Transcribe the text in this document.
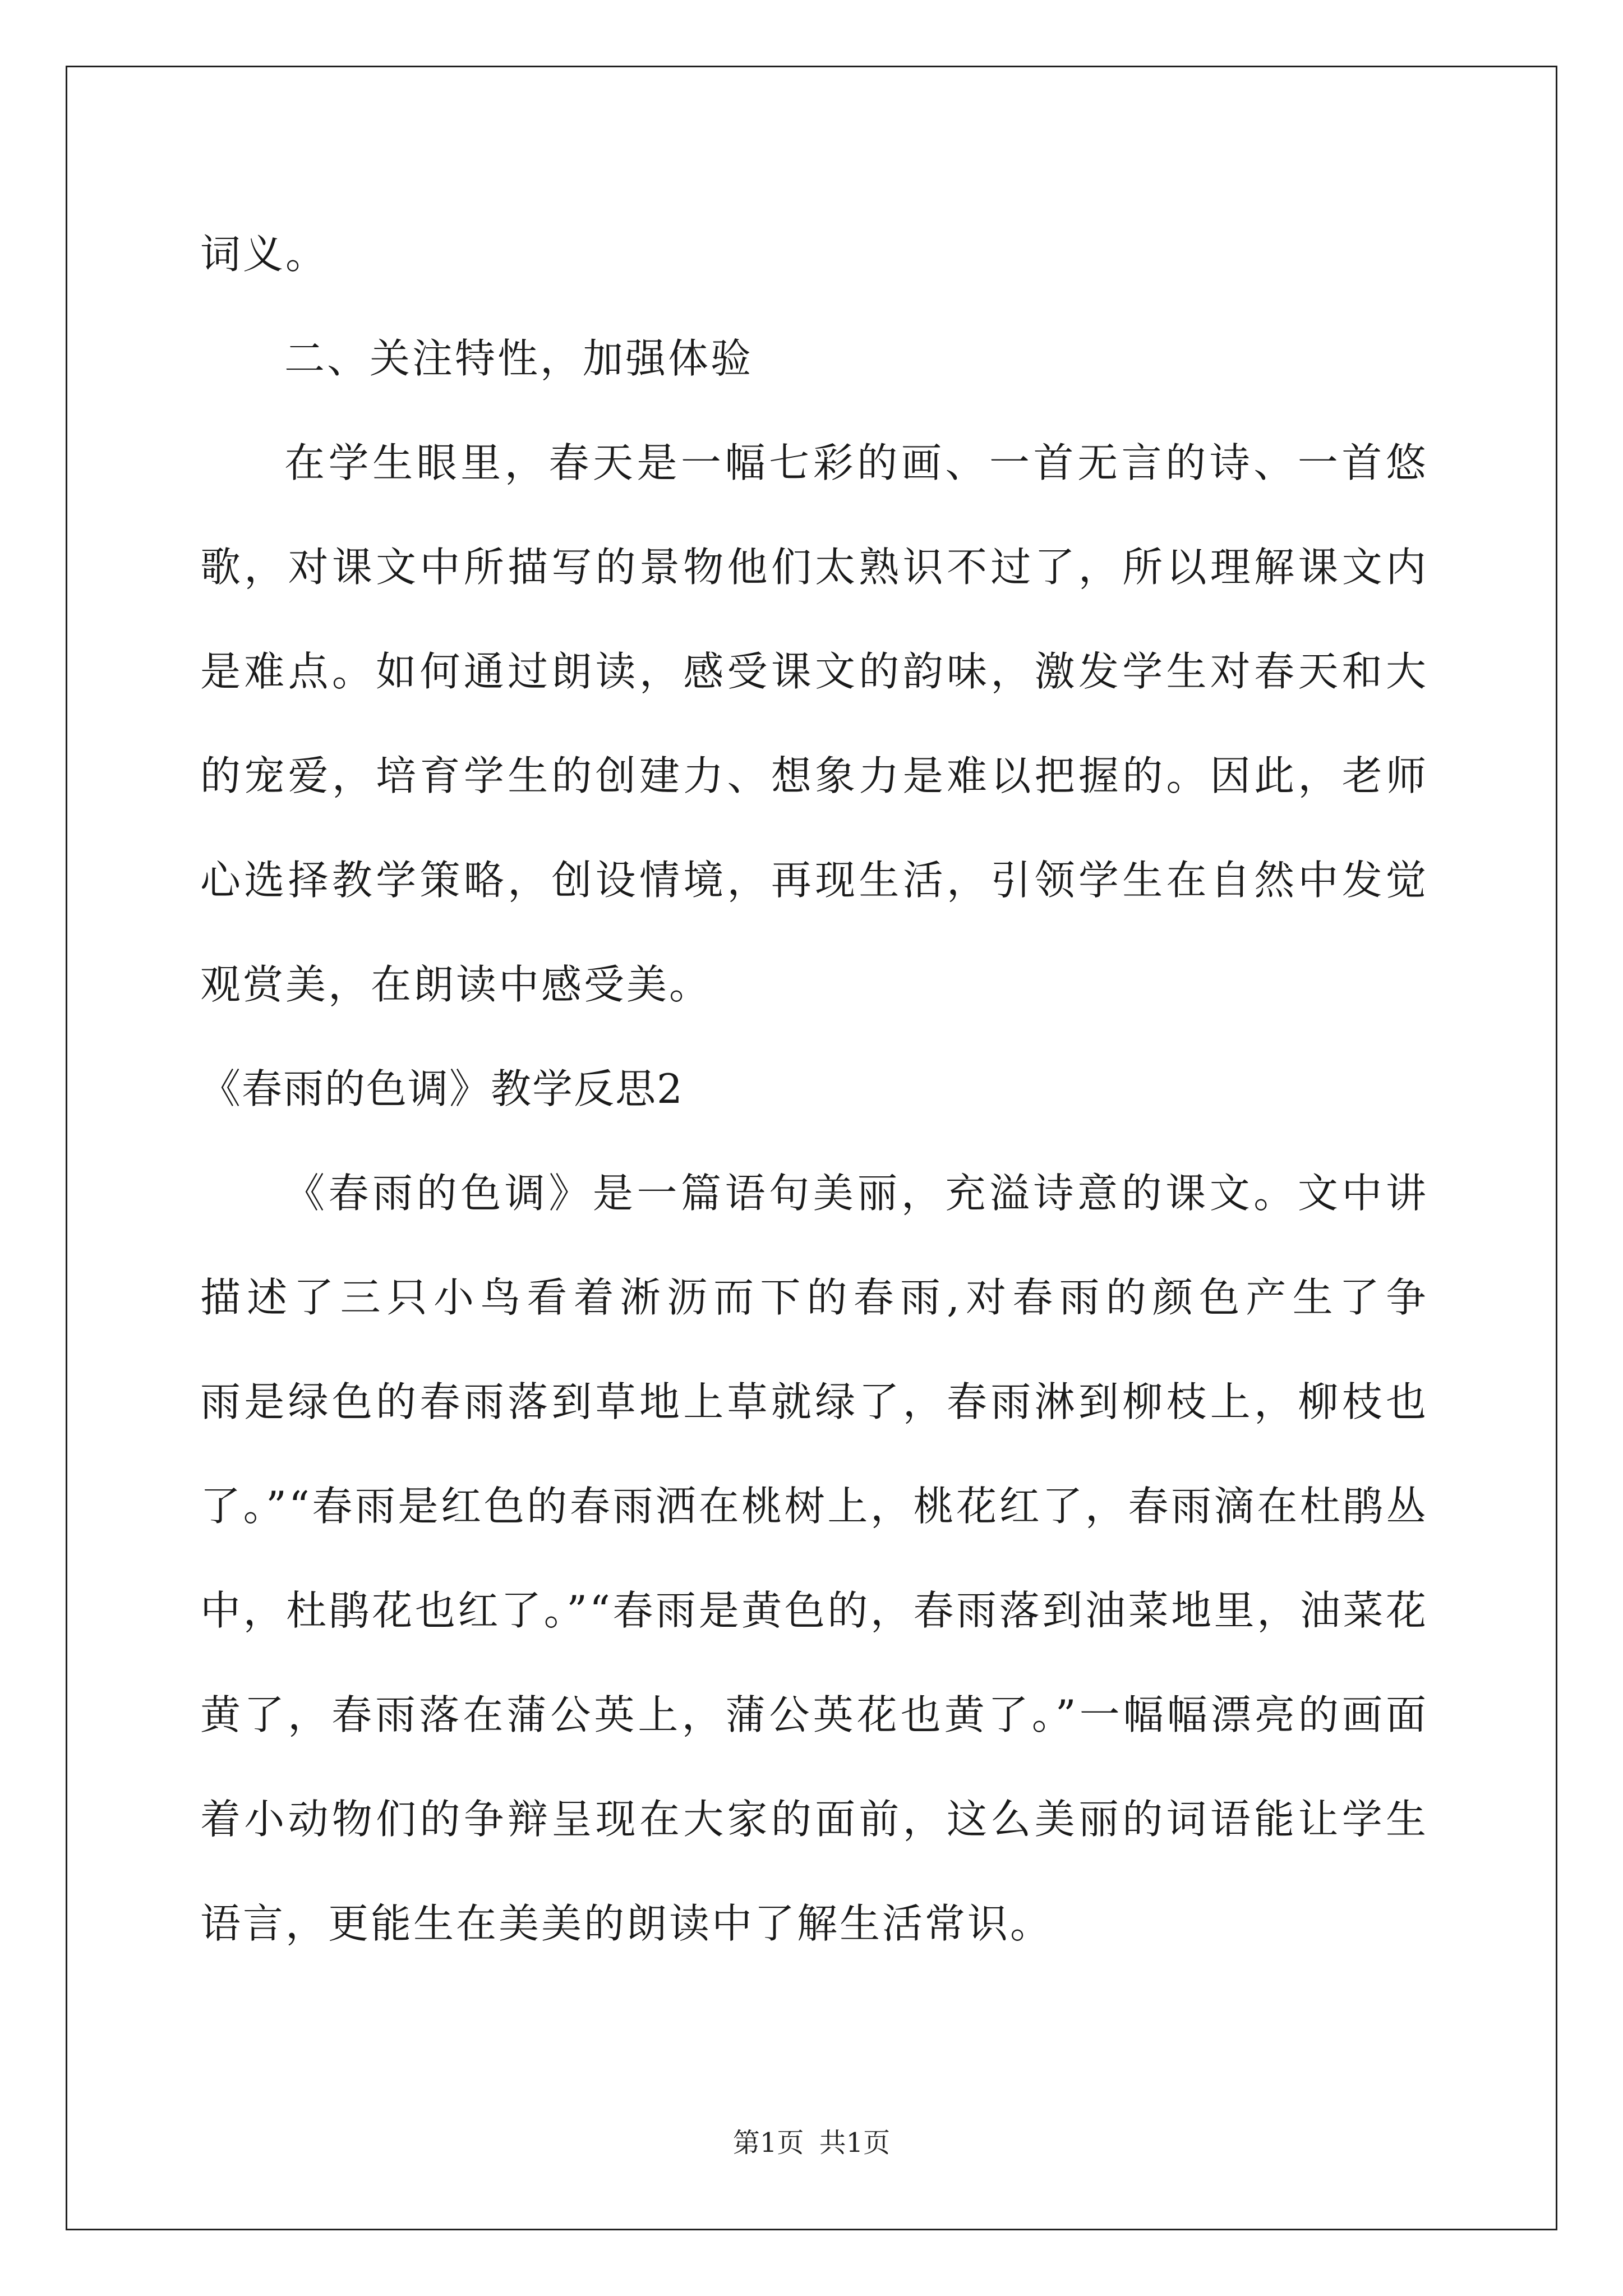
词义。
二、关注特性，加强体验
在学生眼里，春天是一幅七彩的画、一首无言的诗、一首悠
歌，对课文中所描写的景物他们太熟识不过了，所以理解课文内
是难点。如何通过朗读，感受课文的韵味，激发学生对春天和大
的宠爱，培育学生的创建力、想象力是难以把握的。因此，老师
心选择教学策略，创设情境，再现生活，引领学生在自然中发觉
观赏美，在朗读中感受美。
《春雨的色调》教学反思2
《春雨的色调》是一篇语句美丽，充溢诗意的课文。文中讲
描述了三只小鸟看着淅沥而下的春雨,对春雨的颜色产生了争
雨是绿色的春雨落到草地上草就绿了，春雨淋到柳枝上，柳枝也
了。”“春雨是红色的春雨洒在桃树上，桃花红了，春雨滴在杜鹃丛
中，杜鹃花也红了。”“春雨是黄色的，春雨落到油菜地里，油菜花
黄了，春雨落在蒲公英上，蒲公英花也黄了。”一幅幅漂亮的画面
着小动物们的争辩呈现在大家的面前，这么美丽的词语能让学生
语言，更能生在美美的朗读中了解生活常识。
第1页 共1页
